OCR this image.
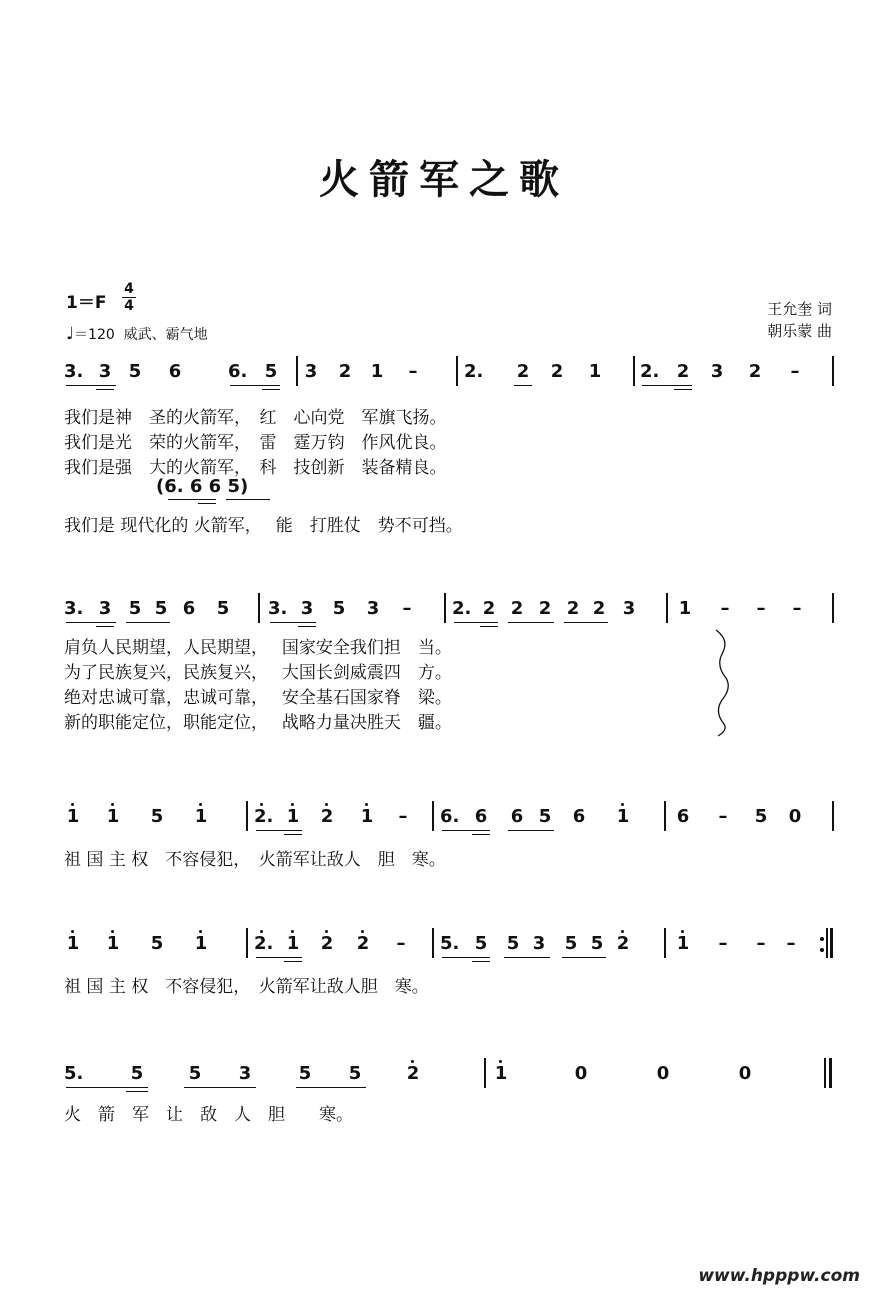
火箭军之歌
1＝F
4
4
♩＝120 威武、霸气地
王允奎 词
朝乐蒙 曲
3. 3 5 6	6. 5 3 2 1 –	2. 2 2 1 2. 2 3 2 –
我们是神　圣的火箭军，　红　心向党　军旗飞扬。
我们是光　荣的火箭军，　雷　霆万钧　作风优良。
我们是强　大的火箭军，　科　技创新　装备精良。
(6. 6 6 5)
我们是 现代化的 火箭军，　 能　打胜仗　势不可挡。
3. 3 5 5 6 5 3. 3 5 3 – 2. 2 2 2 2 2 3 1 – – –
肩负人民期望，人民期望，　 国家安全我们担　当。
为了民族复兴，民族复兴，　 大国长剑威震四　方。
绝对忠诚可靠，忠诚可靠，　 安全基石国家脊　梁。
新的职能定位，职能定位，　 战略力量决胜天　疆。
1 1 5 1	2. 1 2 1 – 6. 6 6 5 6 1	6 – 5 0
祖 国 主 权　不容侵犯，　火箭军让敌人　胆　寒。
1 1 5 1	2. 1 2 2 – 5. 5 5 3 5 5 2	1 – – –
祖 国 主 权　不容侵犯，　火箭军让敌人胆　寒。
5.	5	5 3	5 5	2	1	0	0	0
火　箭　军　让　敌　人　胆　　寒。
www.hpppw.com
